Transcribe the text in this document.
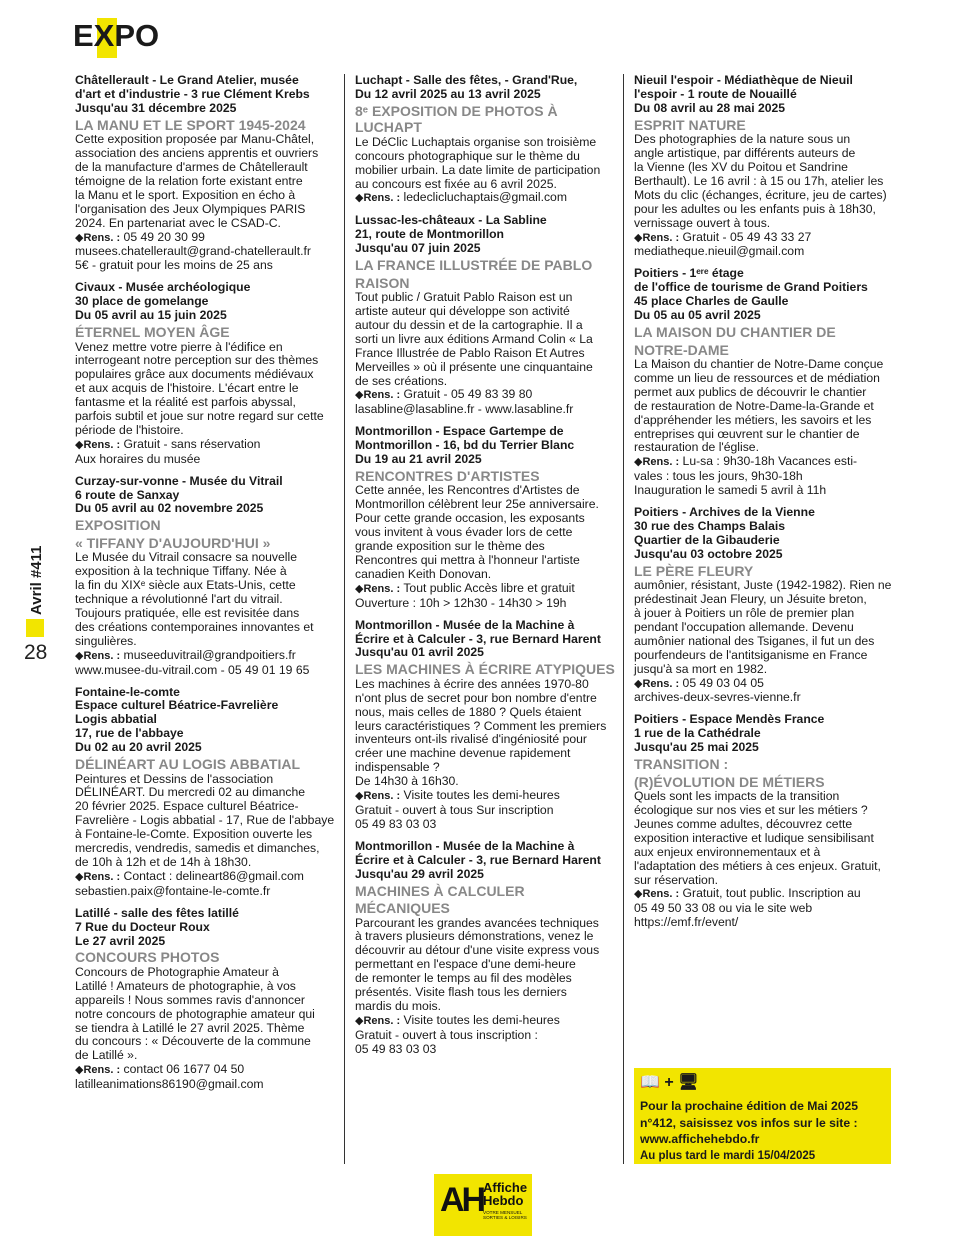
EXPO
Avril #411
28
Châtellerault - Le Grand Atelier, musée
d'art et d'industrie - 3 rue Clément Krebs
Jusqu'au 31 décembre 2025
LA MANU ET LE SPORT 1945-2024
Cette exposition proposée par Manu-Châtel,
association des anciens apprentis et ouvriers
de la manufacture d'armes de Châtellerault
témoigne de la relation forte existant entre
la Manu et le sport. Exposition en écho à
l'organisation des Jeux Olympiques PARIS
2024. En partenariat avec le CSAD-C.
◆Rens. : 05 49 20 30 99
musees.chatellerault@grand-chatellerault.fr
5€ - gratuit pour les moins de 25 ans
Civaux - Musée archéologique
30 place de gomelange
Du 05 avril au 15 juin 2025
ÉTERNEL MOYEN ÂGE
Venez mettre votre pierre à l'édifice en
interrogeant notre perception sur des thèmes
populaires grâce aux documents médiévaux
et aux acquis de l'histoire. L'écart entre le
fantasme et la réalité est parfois abyssal,
parfois subtil et joue sur notre regard sur cette
période de l'histoire.
◆Rens. : Gratuit - sans réservation
Aux horaires du musée
Curzay-sur-vonne - Musée du Vitrail
6 route de Sanxay
Du 05 avril au 02 novembre 2025
EXPOSITION
« TIFFANY D'AUJOURD'HUI »
Le Musée du Vitrail consacre sa nouvelle
exposition à la technique Tiffany. Née à
la fin du XIXᵉ siècle aux Etats-Unis, cette
technique a révolutionné l'art du vitrail.
Toujours pratiquée, elle est revisitée dans
des créations contemporaines innovantes et
singulières.
◆Rens. : museeduvitrail@grandpoitiers.fr
www.musee-du-vitrail.com - 05 49 01 19 65
Fontaine-le-comte
Espace culturel Béatrice-Favrelière
Logis abbatial
17, rue de l'abbaye
Du 02 au 20 avril 2025
DÉLINÉART AU LOGIS ABBATIAL
Peintures et Dessins de l'association
DÉLINÉART. Du mercredi 02 au dimanche
20 février 2025. Espace culturel Béatrice-
Favrelière - Logis abbatial - 17, Rue de l'abbaye
à Fontaine-le-Comte. Exposition ouverte les
mercredis, vendredis, samedis et dimanches,
de 10h à 12h et de 14h à 18h30.
◆Rens. : Contact : delineart86@gmail.com
sebastien.paix@fontaine-le-comte.fr
Latillé - salle des fêtes latillé
7 Rue du Docteur Roux
Le 27 avril 2025
CONCOURS PHOTOS
Concours de Photographie Amateur à
Latillé ! Amateurs de photographie, à vos
appareils ! Nous sommes ravis d'annoncer
notre concours de photographie amateur qui
se tiendra à Latillé le 27 avril 2025. Thème
du concours : « Découverte de la commune
de Latillé ».
◆Rens. : contact 06 1677 04 50
latilleanimations86190@gmail.com
Luchapt - Salle des fêtes, - Grand'Rue,
Du 12 avril 2025 au 13 avril 2025
8ᵉ EXPOSITION DE PHOTOS À LUCHAPT
Le DéClic Luchaptais organise son troisième
concours photographique sur le thème du
mobilier urbain. La date limite de participation
au concours est fixée au 6 avril 2025.
◆Rens. : ledeclicluchaptais@gmail.com
Lussac-les-châteaux - La Sabline
21, route de Montmorillon
Jusqu'au 07 juin 2025
LA FRANCE ILLUSTRÉE DE PABLO
RAISON
Tout public / Gratuit Pablo Raison est un
artiste auteur qui développe son activité
autour du dessin et de la cartographie. Il a
sorti un livre aux éditions Armand Colin « La
France Illustrée de Pablo Raison Et Autres
Merveilles » où il présente une cinquantaine
de ses créations.
◆Rens. : Gratuit - 05 49 83 39 80
lasabline@lasabline.fr - www.lasabline.fr
Montmorillon - Espace Gartempe de
Montmorillon - 16, bd du Terrier Blanc
Du 19 au 21 avril 2025
RENCONTRES D'ARTISTES
Cette année, les Rencontres d'Artistes de
Montmorillon célèbrent leur 25e anniversaire.
Pour cette grande occasion, les exposants
vous invitent à vous évader lors de cette
grande exposition sur le thème des
Rencontres qui mettra à l'honneur l'artiste
canadien Keith Donovan.
◆Rens. : Tout public Accès libre et gratuit
Ouverture : 10h > 12h30 - 14h30 > 19h
Montmorillon - Musée de la Machine à
Écrire et à Calculer - 3, rue Bernard Harent
Jusqu'au 01 avril 2025
LES MACHINES À ÉCRIRE ATYPIQUES
Les machines à écrire des années 1970-80
n'ont plus de secret pour bon nombre d'entre
nous, mais celles de 1880 ? Quels étaient
leurs caractéristiques ? Comment les premiers
inventeurs ont-ils rivalisé d'ingéniosité pour
créer une machine devenue rapidement
indispensable ?
De 14h30 à 16h30.
◆Rens. : Visite toutes les demi-heures
Gratuit - ouvert à tous Sur inscription
05 49 83 03 03
Montmorillon - Musée de la Machine à
Écrire et à Calculer - 3, rue Bernard Harent
Jusqu'au 29 avril 2025
MACHINES À CALCULER
MÉCANIQUES
Parcourant les grandes avancées techniques
à travers plusieurs démonstrations, venez le
découvrir au détour d'une visite express vous
permettant en l'espace d'une demi-heure
de remonter le temps au fil des modèles
présentés. Visite flash tous les derniers
mardis du mois.
◆Rens. : Visite toutes les demi-heures
Gratuit - ouvert à tous inscription :
05 49 83 03 03
Nieuil l'espoir - Médiathèque de Nieuil
l'espoir - 1 route de Nouaillé
Du 08 avril au 28 mai 2025
ESPRIT NATURE
Des photographies de la nature sous un
angle artistique, par différents auteurs de
la Vienne (les XV du Poitou et Sandrine
Berthault). Le 16 avril : à 15 ou 17h, atelier les
Mots du clic (échanges, écriture, jeu de cartes)
pour les adultes ou les enfants puis à 18h30,
vernissage ouvert à tous.
◆Rens. : Gratuit - 05 49 43 33 27
mediatheque.nieuil@gmail.com
Poitiers - 1ᵉʳᵉ étage
de l'office de tourisme de Grand Poitiers
45 place Charles de Gaulle
Du 05 au 05 avril 2025
LA MAISON DU CHANTIER DE
NOTRE-DAME
La Maison du chantier de Notre-Dame conçue
comme un lieu de ressources et de médiation
permet aux publics de découvrir le chantier
de restauration de Notre-Dame-la-Grande et
d'appréhender les métiers, les savoirs et les
entreprises qui œuvrent sur le chantier de
restauration de l'église.
◆Rens. : Lu-sa : 9h30-18h Vacances esti-
vales : tous les jours, 9h30-18h
Inauguration le samedi 5 avril à 11h
Poitiers - Archives de la Vienne
30 rue des Champs Balais
Quartier de la Gibauderie
Jusqu'au 03 octobre 2025
LE PÈRE FLEURY
aumônier, résistant, Juste (1942-1982). Rien ne
prédestinait Jean Fleury, un Jésuite breton,
à jouer à Poitiers un rôle de premier plan
pendant l'occupation allemande. Devenu
aumônier national des Tsiganes, il fut un des
pourfendeurs de l'antitsiganisme en France
jusqu'à sa mort en 1982.
◆Rens. : 05 49 03 04 05
archives-deux-sevres-vienne.fr
Poitiers - Espace Mendès France
1 rue de la Cathédrale
Jusqu'au 25 mai 2025
TRANSITION :
(R)ÉVOLUTION DE MÉTIERS
Quels sont les impacts de la transition
écologique sur nos vies et sur les métiers ?
Jeunes comme adultes, découvrez cette
exposition interactive et ludique sensibilisant
aux enjeux environnementaux et à
l'adaptation des métiers à ces enjeux. Gratuit,
sur réservation.
◆Rens. : Gratuit, tout public. Inscription au
05 49 50 33 08 ou via le site web
https://emf.fr/event/
📖 + 🖥
Pour la prochaine édition de Mai 2025
n°412, saisissez vos infos sur le site :
www.affichehebdo.fr
Au plus tard le mardi 15/04/2025
AH Affiche
Hebdo
VOTRE MENSUEL
SORTIES & LOISIRS
